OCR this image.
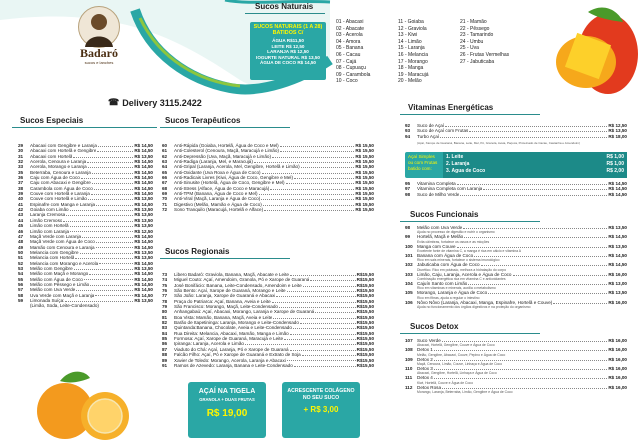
Badaró
sucos e lanches
☎ Delivery 3115.2422
Sucos Naturais
SUCOS NATURAIS (1 A 28) BATIDOS C/
ÁGUA R$11,50
LEITE R$ 12,50
LARANJA R$ 12,50
IOGURTE NATURAL R$ 13,50
ÁGUA DE COCO R$ 14,50
01 - Abacaxi
02 - Abacate
03 - Acerola
04 - Amora
05 - Banana
06 - Cacau
07 - Cajá
08 - Cupuaçu
09 - Carambola
10 - Coco
11 - Goiaba
12 - Graviola
13 - Kiwi
14 - Limão
15 - Laranja
16 - Melancia
17 - Morango
18 - Manga
19 - Maracujá
20 - Melão
21 - Mamão
22 - Pêssego
23 - Tamarindo
24 - Umbu
25 - Uva
26 - Frutas Vermelhas
27 - Jabuticaba
Sucos Especiais
29	Abacaxi com Gengibre e Laranja	R$ 14,50
30	Abacaxi com Hortelã e Gengibre	R$ 14,50
31	Abacaxi com Hortelã	R$ 13,50
32	Acerola, Cenoura e Laranja	R$ 14,50
33	Acerola, Morango e Laranja	R$ 14,50
35	Beterraba, Cenoura e Laranja	R$ 14,50
36	Caju com Água de Coco	R$ 14,50
37	Caju com Abacaxi e Gengibre	R$ 14,50
38	Carambola com Água de Coco	R$ 14,50
39	Couve com Hortelã e Laranja	R$ 14,50
40	Couve com Hortelã e Limão	R$ 13,50
41	Espinafre com Manga e Laranja	R$ 14,50
42	Goiaba com Limão	R$ 13,50
43	Laranja Cremosa	R$ 13,50
44	Limão Cremoso	R$ 13,50
45	Limão com Hortelã	R$ 13,50
46	Limão com Laranja	R$ 12,50
47	Maçã Verde com Laranja	R$ 14,50
48	Maçã Verde com Água de Coco	R$ 14,50
49	Mamão com Cenoura e Laranja	R$ 14,50
50	Melancia com Gengibre	R$ 13,50
51	Melancia com Hortelã	R$ 13,50
52	Melancia com Morango e Acerola	R$ 14,50
53	Melão com Gengibre	R$ 13,50
54	Melão com Maçã e Morango	R$ 14,50
55	Melão com Água de Coco	R$ 14,50
56	Melão com Pêssego e Limão	R$ 14,50
57	Melão com Uva Verde	R$ 14,50
58	Uva Verde com Maçã e Laranja	R$ 14,50
59	Limonada Suíça:	R$ 13,50
(Limão, Soda, Leite-Condensado)
Sucos Terapêuticos
60	Anti-Rápida (Goiaba, Hortelã, Água de Coco e Mel)	R$ 15,50
61	Anti-Colesterol (Cenoura, Maçã, Maracujá e Limão)	R$ 15,50
62	Anti-Depressão (Uva, Maçã, Maracujá e Limão)	R$ 15,50
63	Anti-Radiga (Laranja, Mel, e Maracujá)	R$ 15,50
64	Anti-Gripal (Laranja, Acerola, Mel, Gengibre, Hortelã e Limão)	R$ 15,50
65	Anti-Oxidante (Uva Roxa e Água de Coco)	R$ 15,50
66	Anti-Radicais Livres (Kiwi, Água de Coco, Gengibre e Mel)	R$ 15,50
67	Anti-Sinusite (Hortelã, Água de Coco, Gengibre e Mel)	R$ 15,50
68	Anti-Stress (Alface, Água de Coco e Maracujá)	R$ 15,50
69	Anti-TPM (Banana, Água de Coco e Mel)	R$ 15,50
70	Anti-Viral (Maçã, Laranja e Água de Coco)	R$ 15,50
71	Digestivo (Melão, Mamão e Água de Coco)	R$ 15,50
72	Sono Tranquilo (Maracujá, Hortelã e Alface)	R$ 15,50
Sucos Regionais
73	Libero Badaró: Graviola, Banana, Maçã, Abacate e Leite	R$15,50
74	Miguel Couto: Açaí, Amendoim, Granola, Pó e Xarope de Guaraná	R$15,50
75	José Bonifácio: Banana, Leite-Condensado, Amendoim e Leite	R$15,50
76	São Bento: Açaí, Xarope de Guaraná, Morango e Leite	R$15,50
77	São João: Laranja, Xarope de Guaraná e Abacaxi	R$15,50
78	Praça do Patriarca: Açaí, Banana, Aveia e Leite	R$15,50
79	São Francisco: Morango, Maçã, Leite-Condensado	R$15,50
80	Anhangabaú: Açaí, Abacaxi, Morango, Laranja e Xarope de Guaraná	R$15,50
81	Boa Vista: Mamão, Banana, Maçã, Aveia e Leite	R$15,50
82	Barão de Itapetininga: Laranja, Morango e Leite-Condensado	R$15,50
83	Quintanda:Banana, Chocolate, Aveia e Leite-Condensado	R$15,50
84	Rua Direita: Melancia, Abacaxi, Mamão, Manga e Limão	R$15,50
85	Formosa: Açaí, Xarope de Guaraná, Maracujá e Leite	R$15,50
86	Ipiranga: Laranja, Acerola e Limão	R$15,50
87	Viaduto do Chá: Açaí, Laranja, Pó e Xarope de Guaraná	R$15,50
88	Falcão Filho: Açaí, Pó e Xarope de Guaraná e Extrato de Soja	R$15,50
89	Xavier de Toledo: Morango, Acerola, Laranja e Abacaxi	R$15,50
91	Ramos de Azevedo: Laranja, Banana e Leite-Condensado	R$15,50
AÇAÍ NA TIGELA
GRANOLA + DUAS FRUTAS
R$ 19,00
ACRESCENTE COLÁGENO NO SEU SUCO
+ R$ 3,00
Vitaminas Energéticas
92	Suco de Açaí	R$ 12,50
93	Suco de Açaí com Frutas	R$ 13,50
94	Turbo Açaí	R$ 18,00
(Açaí, Xarope de Guaraná, Banana, Leite, Mel, Pó, Granola, Aveia, Paçoca, Proteínado de Cacau, Castanha e Amendoim)
Açaí Simples ou com Frutas batido com:
1. Leite	R$ 1,00
2. Laranja	R$ 1,00
3. Água de Coco	R$ 2,00
95	Vitamina Completa	R$ 14,50
97	Vitamina Completa com Laranja	R$ 14,50
98	Suco de Milho Verde	R$ 14,50
Sucos Funcionais
98	Melão com Uva Verde	R$ 13,50
Ajuda no processo de digestão e nutrir o organismo
99	Hortelã, Maçã e Melão	R$ 14,50
Evita câimbras, fortalece os ossos e as micções
100 Manga com Couve	R$ 13,50
Excelente fonte de vitamina C, a manga é rica em cálcio e vitamina A
101 Banana com Água de Coco	R$ 14,50
Rico em sais minerais, fortalece o sistema imunológico
102 Jabuticaba com Água de Coco	R$ 14,50
Diurético. Rico em potássio, melhora a hidratação do corpo
103 Limão, Caju, Laranja, Acerola e Água de Coco	R$ 16,00
Combinação energética rica em vitamina C e antioxidantes
104 Cajuín Santo com Limão	R$ 13,00
Rico em vitaminas e minerais, auxilia o metabolismo
105 Morango, Laranja e Água de Coco	R$ 13,50
Rico em fibras, ajuda a regular o intestino
106 Nôvo Nôvo (Laranja, Abacaxi, Manga, Espinafre, Hortelã e Couve)	R$ 16,00
Ajuda no funcionamento dos órgãos digestivos e na proteção do organismo
Sucos Detox
107 Suco Verde	R$ 16,00
Abacaxi, Hortelã, Gengibre, Couve e Água de Coco
108 Detox 1	R$ 16,00
Melão, Gengibre, Abacaxi, Couve, Pepino e Água de Coco
109 Detox 2	R$ 16,00
Maçã, Cenoura, Limão, Couve, Linhaça e Água de Coco
110 Detox 3	R$ 16,00
Abacaxi, Gengibre, Hortelã, Linhaça e Água de Coco
111	Detox 4	R$ 16,00
Kiwi, Hortelã, Couve e Água de Coco
112 Detox Rosa	R$ 16,00
Morango, Laranja, Beterraba, Limão, Gengibre e Água de Coco
